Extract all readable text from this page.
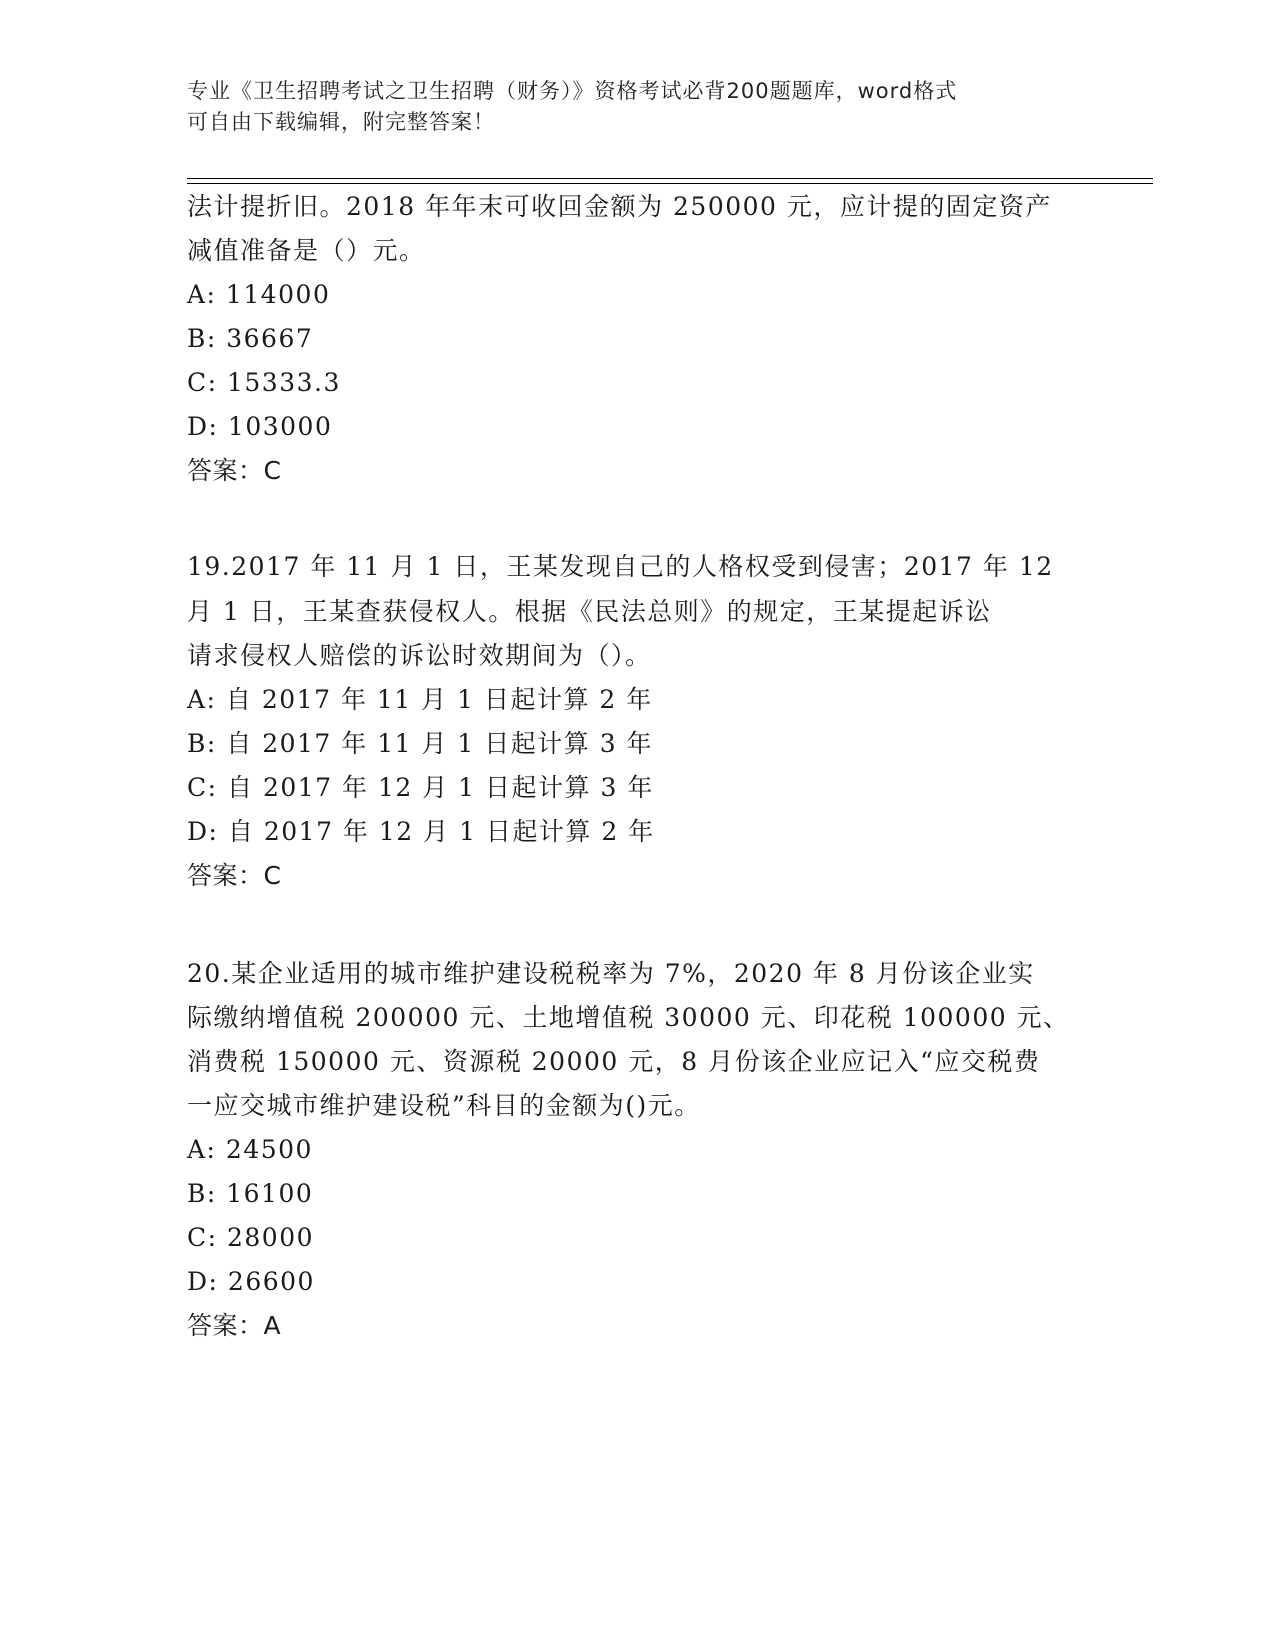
专业《卫生招聘考试之卫生招聘（财务）》资格考试必背200题题库，word格式
可自由下载编辑，附完整答案！
法计提折旧。2018 年年末可收回金额为 250000 元，应计提的固定资产
减值准备是（）元。
A: 114000
B: 36667
C: 15333.3
D: 103000
答案：C
19.2017 年 11 月 1 日，王某发现自己的人格权受到侵害；2017 年 12
月 1 日，王某查获侵权人。根据《民法总则》的规定，王某提起诉讼
请求侵权人赔偿的诉讼时效期间为（）。
A: 自 2017 年 11 月 1 日起计算 2 年
B: 自 2017 年 11 月 1 日起计算 3 年
C: 自 2017 年 12 月 1 日起计算 3 年
D: 自 2017 年 12 月 1 日起计算 2 年
答案：C
20.某企业适用的城市维护建设税税率为 7%，2020 年 8 月份该企业实
际缴纳增值税 200000 元、土地增值税 30000 元、印花税 100000 元、
消费税 150000 元、资源税 20000 元，8 月份该企业应记入“应交税费
一应交城市维护建设税”科目的金额为()元。
A: 24500
B: 16100
C: 28000
D: 26600
答案：A
